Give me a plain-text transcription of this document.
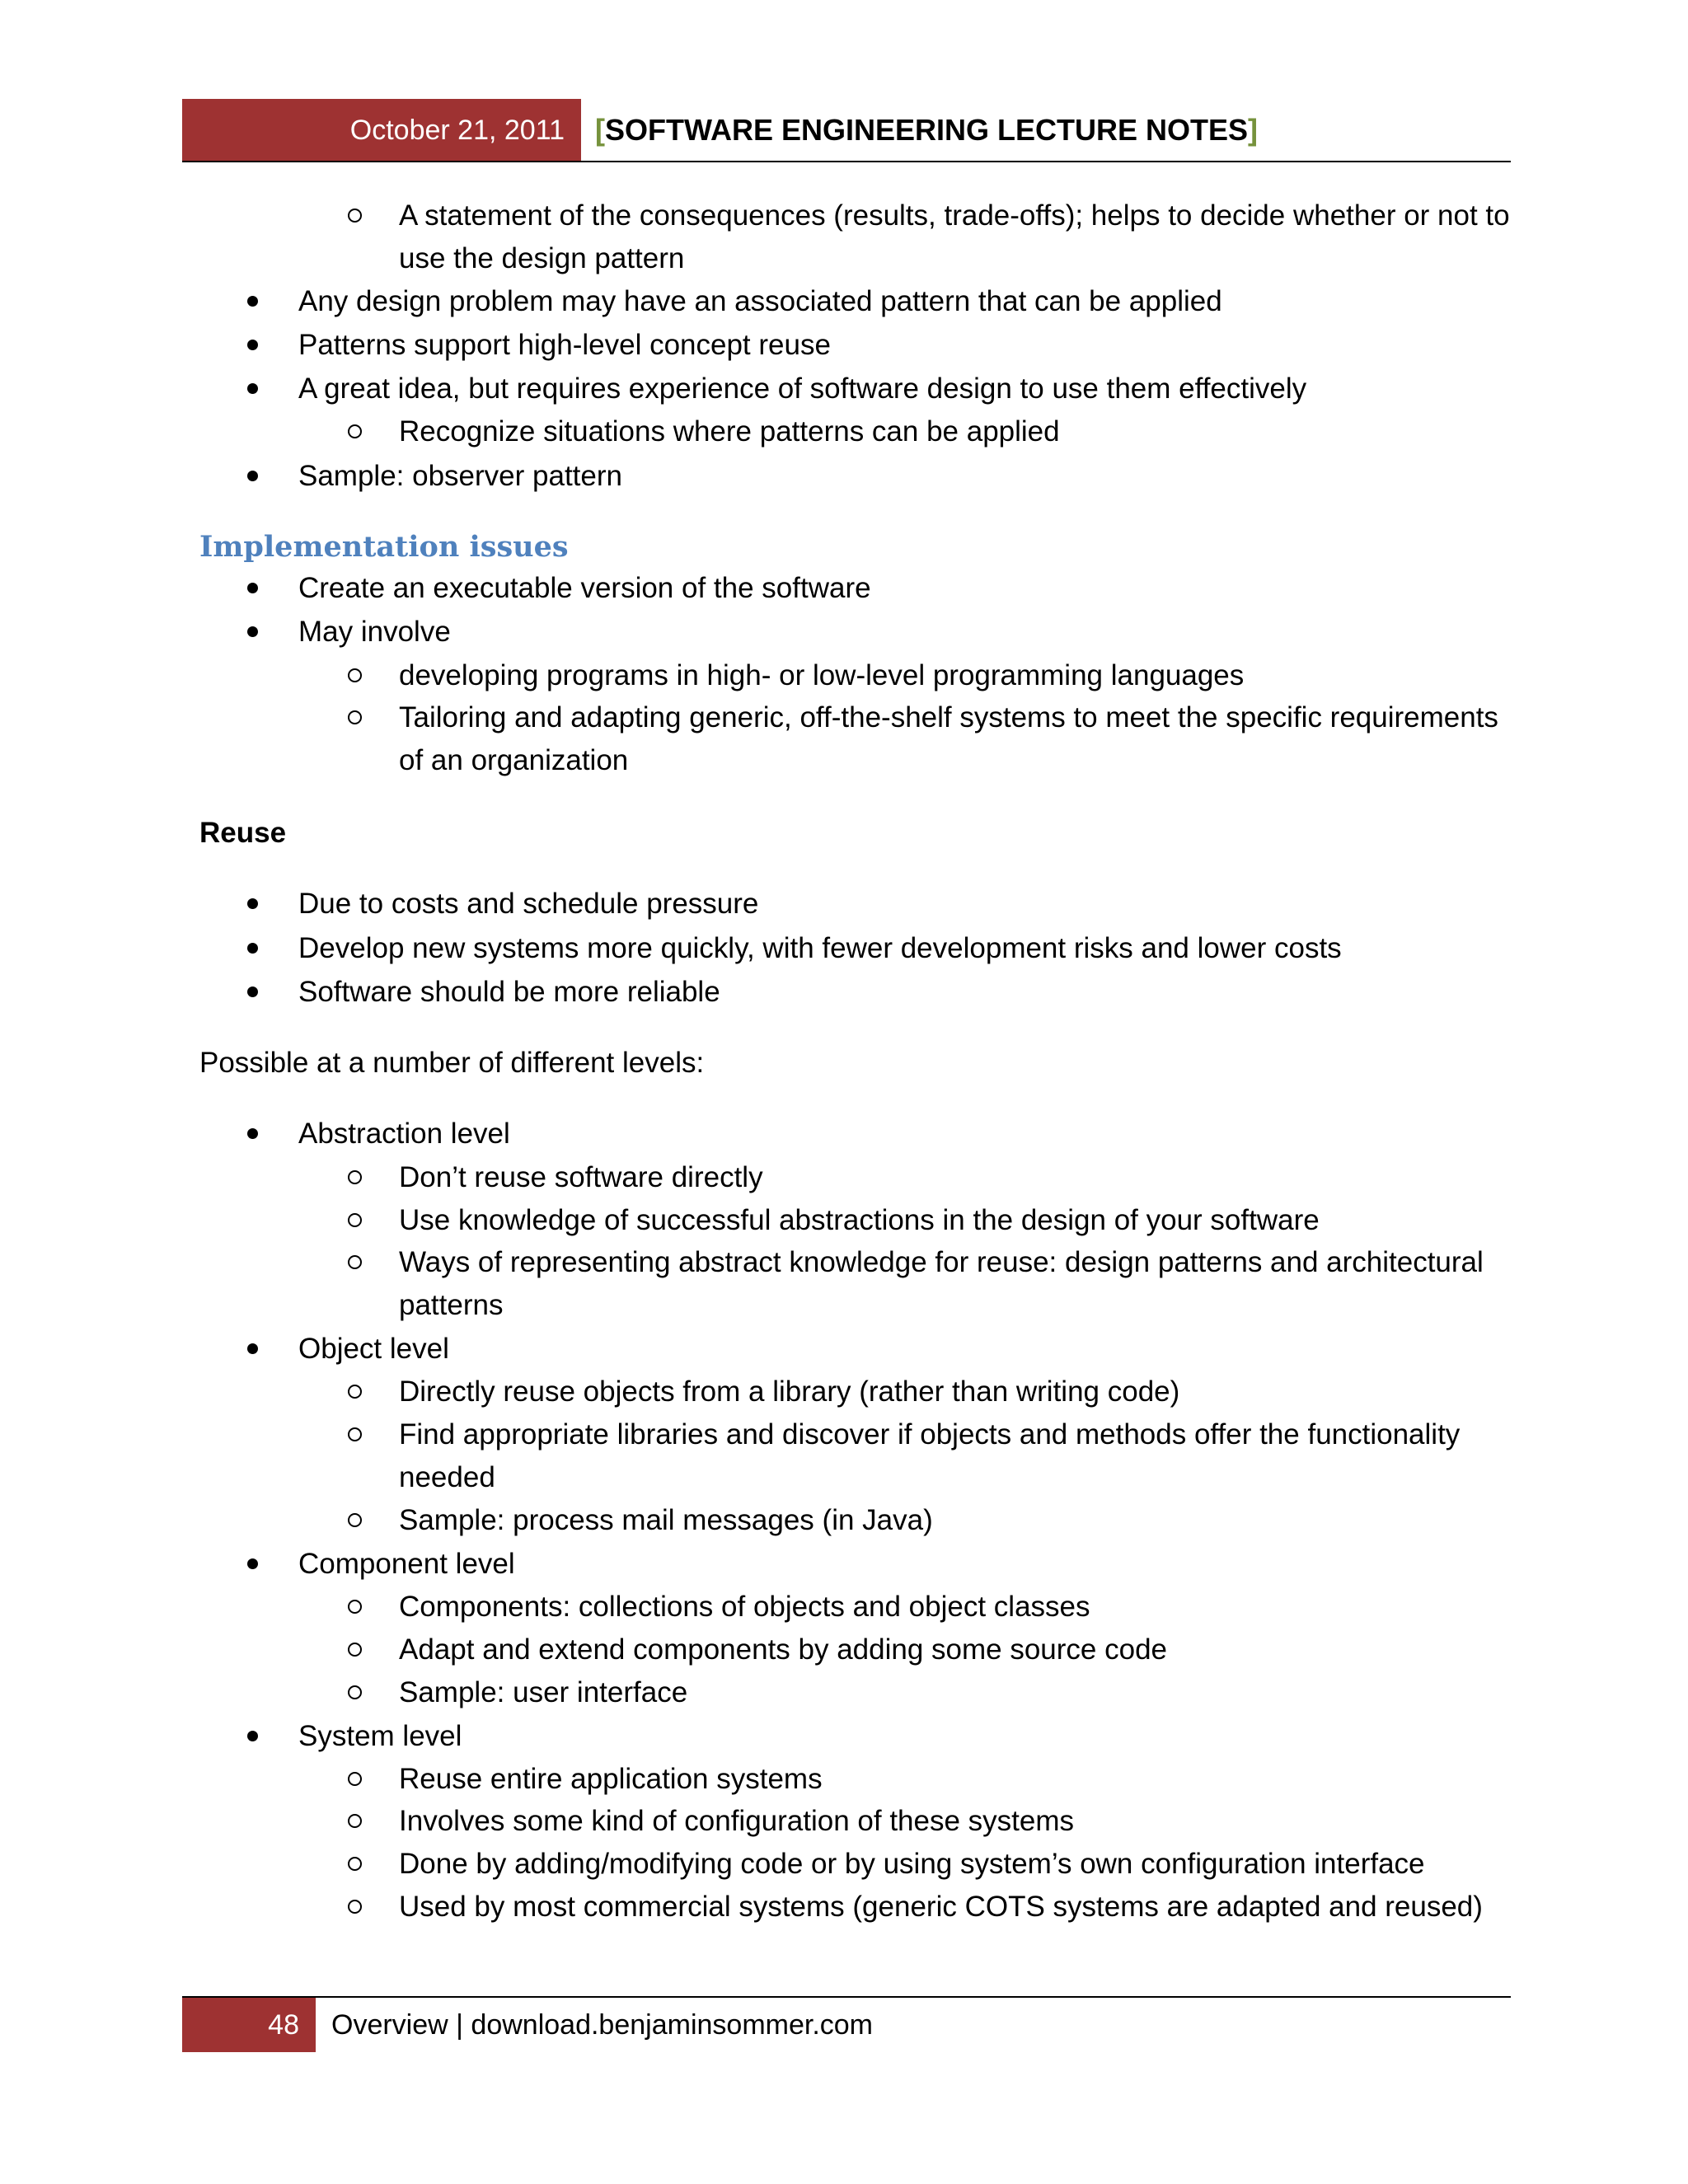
October 21, 2011	[ SOFTWARE ENGINEERING LECTURE NOTES ]
A statement of the consequences (results, trade-offs); helps to decide whether or not to
use the design pattern
Any design problem may have an associated pattern that can be applied
Patterns support high-level concept reuse
A great idea, but requires experience of software design to use them effectively
Recognize situations where patterns can be applied
Sample: observer pattern
Implementation issues
Create an executable version of the software
May involve
developing programs in high- or low-level programming languages
Tailoring and adapting generic, off-the-shelf systems to meet the specific requirements
of an organization
Reuse
Due to costs and schedule pressure
Develop new systems more quickly, with fewer development risks and lower costs
Software should be more reliable
Possible at a number of different levels:
Abstraction level
Don’t reuse software directly
Use knowledge of successful abstractions in the design of your software
Ways of representing abstract knowledge for reuse: design patterns and architectural
patterns
Object level
Directly reuse objects from a library (rather than writing code)
Find appropriate libraries and discover if objects and methods offer the functionality
needed
Sample: process mail messages (in Java)
Component level
Components: collections of objects and object classes
Adapt and extend components by adding some source code
Sample: user interface
System level
Reuse entire application systems
Involves some kind of configuration of these systems
Done by adding/modifying code or by using system’s own configuration interface
Used by most commercial systems (generic COTS systems are adapted and reused)
48	Overview | download.benjaminsommer.com
